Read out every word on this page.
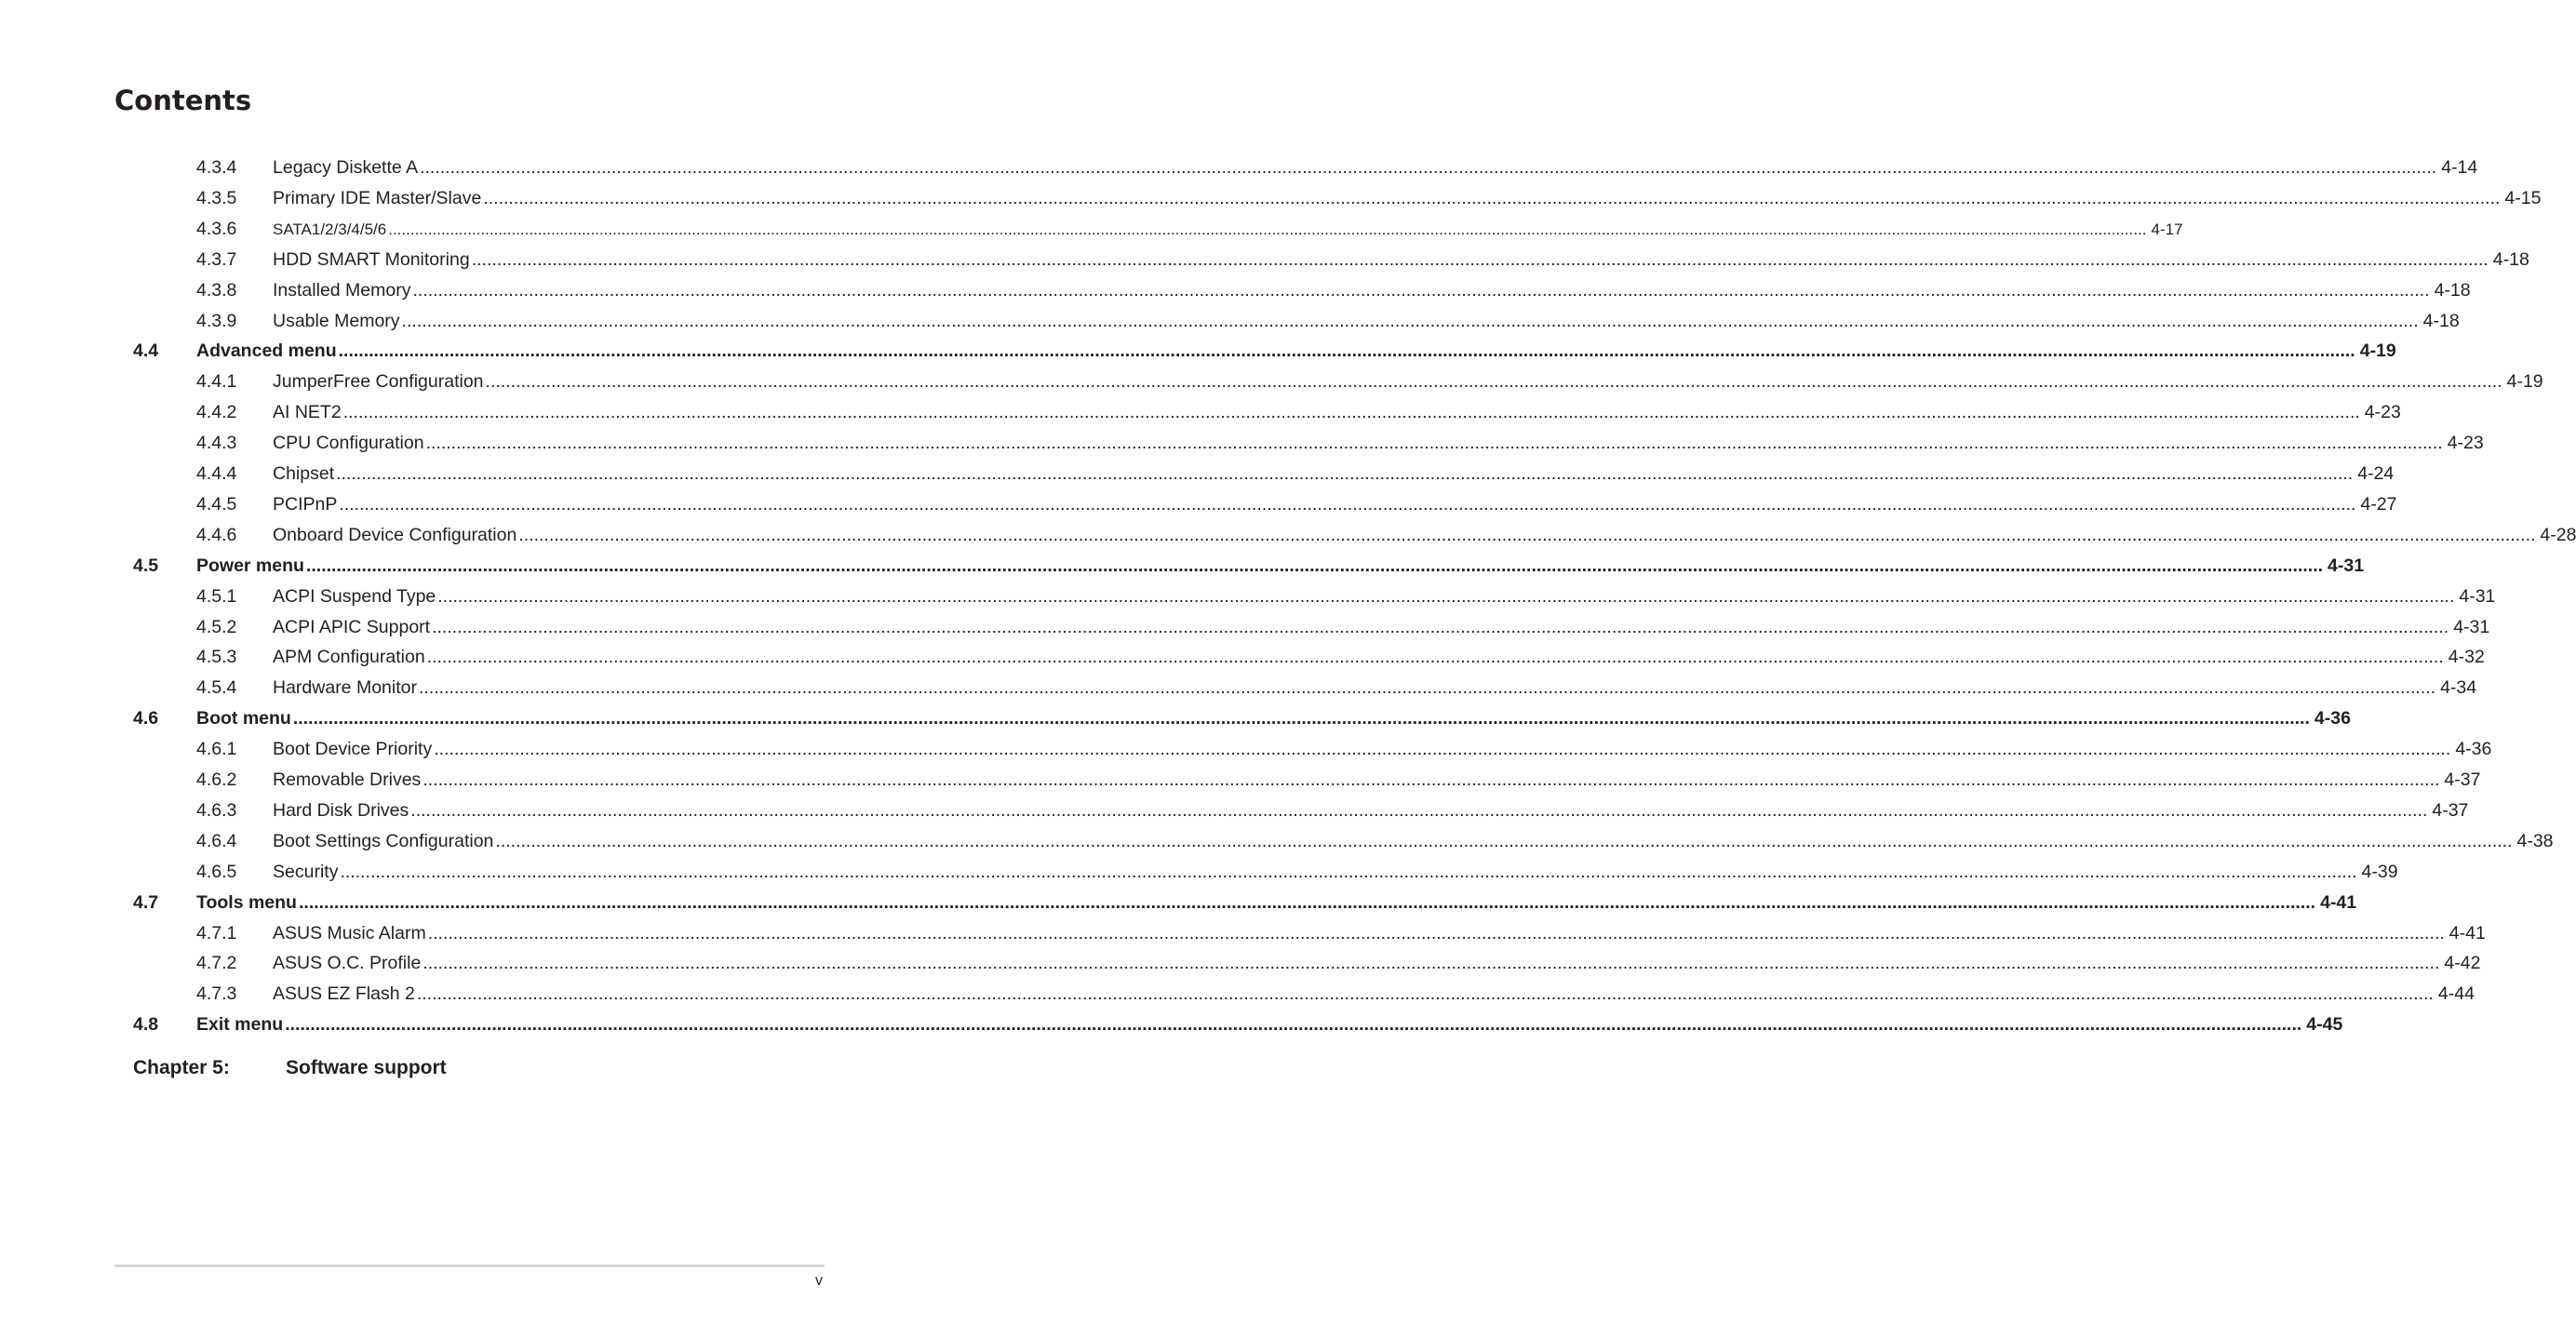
Contents
4.3.4 Legacy Diskette A ................................................................................................................................................................................................................................................................................................................................................................................................................ 4-14
4.3.5 Primary IDE Master/Slave ................................................................................................................................................................................................................................................................................................................................................................................................................ 4-15
4.3.6 SATA1/2/3/4/5/6 ................................................................................................................................................................................................................................................................................................................................................................................................................ 4-17
4.3.7 HDD SMART Monitoring ................................................................................................................................................................................................................................................................................................................................................................................................................ 4-18
4.3.8 Installed Memory ................................................................................................................................................................................................................................................................................................................................................................................................................ 4-18
4.3.9 Usable Memory ................................................................................................................................................................................................................................................................................................................................................................................................................ 4-18
4.4 Advanced menu ................................................................................................................................................................................................................................................................................................................................................................................................................ 4-19
4.4.1 JumperFree Configuration ................................................................................................................................................................................................................................................................................................................................................................................................................ 4-19
4.4.2 AI NET2 ................................................................................................................................................................................................................................................................................................................................................................................................................ 4-23
4.4.3 CPU Configuration ................................................................................................................................................................................................................................................................................................................................................................................................................ 4-23
4.4.4 Chipset ................................................................................................................................................................................................................................................................................................................................................................................................................ 4-24
4.4.5 PCIPnP ................................................................................................................................................................................................................................................................................................................................................................................................................ 4-27
4.4.6 Onboard Device Configuration ................................................................................................................................................................................................................................................................................................................................................................................................................ 4-28
4.5 Power menu ................................................................................................................................................................................................................................................................................................................................................................................................................ 4-31
4.5.1 ACPI Suspend Type ................................................................................................................................................................................................................................................................................................................................................................................................................ 4-31
4.5.2 ACPI APIC Support ................................................................................................................................................................................................................................................................................................................................................................................................................ 4-31
4.5.3 APM Configuration ................................................................................................................................................................................................................................................................................................................................................................................................................ 4-32
4.5.4 Hardware Monitor ................................................................................................................................................................................................................................................................................................................................................................................................................ 4-34
4.6 Boot menu ................................................................................................................................................................................................................................................................................................................................................................................................................ 4-36
4.6.1 Boot Device Priority ................................................................................................................................................................................................................................................................................................................................................................................................................ 4-36
4.6.2 Removable Drives ................................................................................................................................................................................................................................................................................................................................................................................................................ 4-37
4.6.3 Hard Disk Drives ................................................................................................................................................................................................................................................................................................................................................................................................................ 4-37
4.6.4 Boot Settings Configuration ................................................................................................................................................................................................................................................................................................................................................................................................................ 4-38
4.6.5 Security ................................................................................................................................................................................................................................................................................................................................................................................................................ 4-39
4.7 Tools menu ................................................................................................................................................................................................................................................................................................................................................................................................................ 4-41
4.7.1 ASUS Music Alarm ................................................................................................................................................................................................................................................................................................................................................................................................................ 4-41
4.7.2 ASUS O.C. Profile ................................................................................................................................................................................................................................................................................................................................................................................................................ 4-42
4.7.3 ASUS EZ Flash 2 ................................................................................................................................................................................................................................................................................................................................................................................................................ 4-44
4.8 Exit menu ................................................................................................................................................................................................................................................................................................................................................................................................................ 4-45
Chapter 5:	Software support
v
